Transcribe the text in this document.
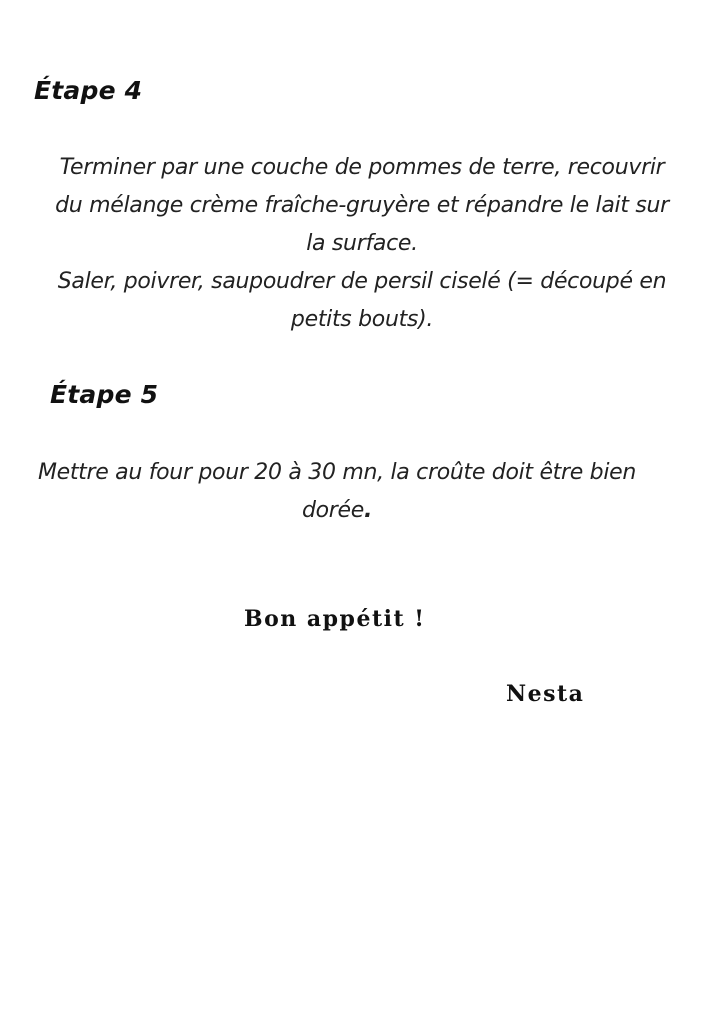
Étape 4

Terminer par une couche de pommes de terre, recouvrir
du mélange crème fraîche-gruyère et répandre le lait sur
la surface.
Saler, poivrer, saupoudrer de persil ciselé (= découpé en
petits bouts).

Étape 5

Mettre au four pour 20 à 30 mn, la croûte doit être bien
dorée.

Bon appétit !
Nesta
